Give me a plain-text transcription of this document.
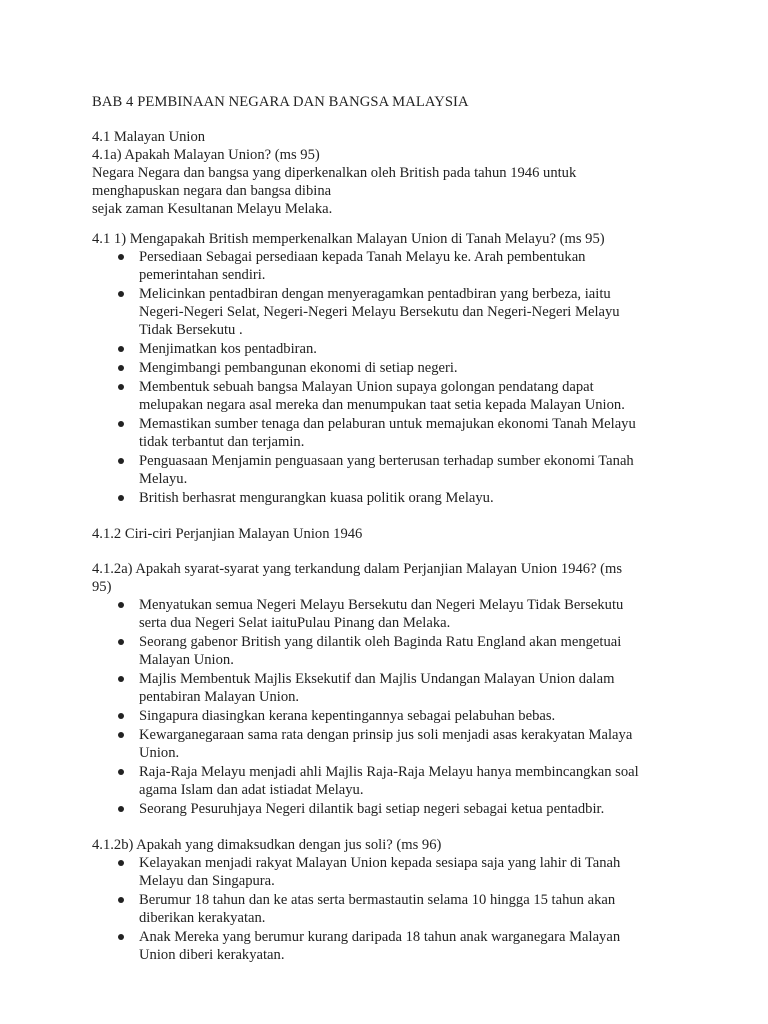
BAB 4 PEMBINAAN NEGARA DAN BANGSA MALAYSIA
4.1 Malayan Union
4.1a) Apakah Malayan Union? (ms 95)
Negara Negara dan bangsa yang diperkenalkan oleh British pada tahun 1946 untuk
menghapuskan negara dan bangsa dibina
sejak zaman Kesultanan Melayu Melaka.
4.1 1) Mengapakah British memperkenalkan Malayan Union di Tanah Melayu? (ms 95)
Persediaan Sebagai persediaan kepada Tanah Melayu ke. Arah pembentukan
pemerintahan sendiri.
Melicinkan pentadbiran dengan menyeragamkan pentadbiran yang berbeza, iaitu
Negeri-Negeri Selat, Negeri-Negeri Melayu Bersekutu dan Negeri-Negeri Melayu
Tidak Bersekutu .
Menjimatkan kos pentadbiran.
Mengimbangi pembangunan ekonomi di setiap negeri.
Membentuk sebuah bangsa Malayan Union supaya golongan pendatang dapat
melupakan negara asal mereka dan menumpukan taat setia kepada Malayan Union.
Memastikan sumber tenaga dan pelaburan untuk memajukan ekonomi Tanah Melayu
tidak terbantut dan terjamin.
Penguasaan Menjamin penguasaan yang berterusan terhadap sumber ekonomi Tanah
Melayu.
British berhasrat mengurangkan kuasa politik orang Melayu.
4.1.2 Ciri-ciri Perjanjian Malayan Union 1946
4.1.2a) Apakah syarat-syarat yang terkandung dalam Perjanjian Malayan Union 1946? (ms
95)
Menyatukan semua Negeri Melayu Bersekutu dan Negeri Melayu Tidak Bersekutu
serta dua Negeri Selat iaituPulau Pinang dan Melaka.
Seorang gabenor British yang dilantik oleh Baginda Ratu England akan mengetuai
Malayan Union.
Majlis Membentuk Majlis Eksekutif dan Majlis Undangan Malayan Union dalam
pentabiran Malayan Union.
Singapura diasingkan kerana kepentingannya sebagai pelabuhan bebas.
Kewarganegaraan sama rata dengan prinsip jus soli menjadi asas kerakyatan Malaya
Union.
Raja-Raja Melayu menjadi ahli Majlis Raja-Raja Melayu hanya membincangkan soal
agama Islam dan adat istiadat Melayu.
Seorang Pesuruhjaya Negeri dilantik bagi setiap negeri sebagai ketua pentadbir.
4.1.2b) Apakah yang dimaksudkan dengan jus soli? (ms 96)
Kelayakan menjadi rakyat Malayan Union kepada sesiapa saja yang lahir di Tanah
Melayu dan Singapura.
Berumur 18 tahun dan ke atas serta bermastautin selama 10 hingga 15 tahun akan
diberikan kerakyatan.
Anak Mereka yang berumur kurang daripada 18 tahun anak warganegara Malayan
Union diberi kerakyatan.
